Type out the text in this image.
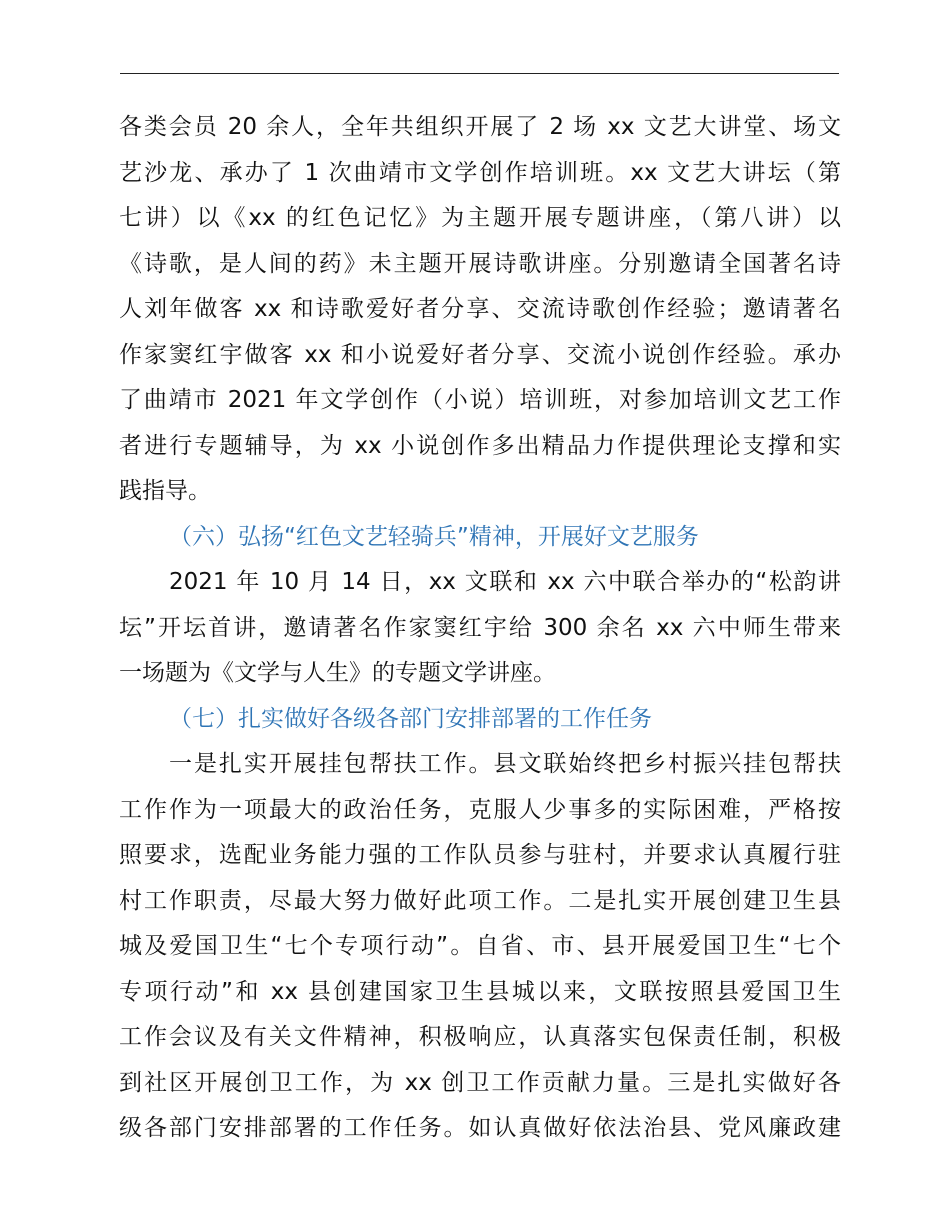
各类会员 20 余人，全年共组织开展了 2 场 xx 文艺大讲堂、场文
艺沙龙、承办了 1 次曲靖市文学创作培训班。xx 文艺大讲坛（第
七讲）以《xx 的红色记忆》为主题开展专题讲座，（第八讲）以
《诗歌，是人间的药》未主题开展诗歌讲座。分别邀请全国著名诗
人刘年做客 xx 和诗歌爱好者分享、交流诗歌创作经验；邀请著名
作家窦红宇做客 xx 和小说爱好者分享、交流小说创作经验。承办
了曲靖市 2021 年文学创作（小说）培训班，对参加培训文艺工作
者进行专题辅导，为 xx 小说创作多出精品力作提供理论支撑和实
践指导。
（六）弘扬“红色文艺轻骑兵”精神，开展好文艺服务
2021 年 10 月 14 日，xx 文联和 xx 六中联合举办的“松韵讲
坛”开坛首讲，邀请著名作家窦红宇给 300 余名 xx 六中师生带来
一场题为《文学与人生》的专题文学讲座。
（七）扎实做好各级各部门安排部署的工作任务
一是扎实开展挂包帮扶工作。县文联始终把乡村振兴挂包帮扶
工作作为一项最大的政治任务，克服人少事多的实际困难，严格按
照要求，选配业务能力强的工作队员参与驻村，并要求认真履行驻
村工作职责，尽最大努力做好此项工作。二是扎实开展创建卫生县
城及爱国卫生“七个专项行动”。自省、市、县开展爱国卫生“七个
专项行动”和 xx 县创建国家卫生县城以来，文联按照县爱国卫生
工作会议及有关文件精神，积极响应，认真落实包保责任制，积极
到社区开展创卫工作，为 xx 创卫工作贡献力量。三是扎实做好各
级各部门安排部署的工作任务。如认真做好依法治县、党风廉政建
